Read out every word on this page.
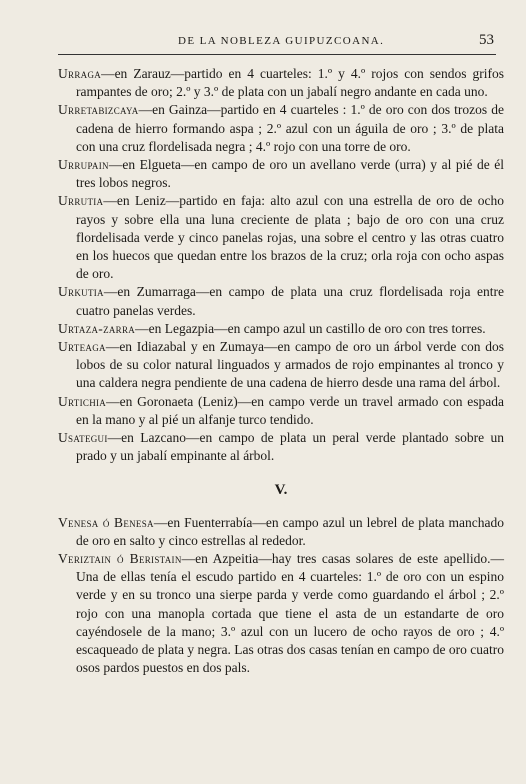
DE LA NOBLEZA GUIPUZCOANA.	53

Urraga—en Zarauz—partido en 4 cuarteles: 1.º y 4.º rojos con sendos grifos rampantes de oro; 2.º y 3.º de plata con un jabalí negro andante en cada uno.

Urretabizcaya—en Gainza—partido en 4 cuarteles : 1.º de oro con dos trozos de cadena de hierro formando aspa ; 2.º azul con un águila de oro ; 3.º de plata con una cruz flordelisada negra ; 4.º rojo con una torre de oro.

Urrupain—en Elgueta—en campo de oro un avellano verde (urra) y al pié de él tres lobos negros.

Urrutia—en Leniz—partido en faja: alto azul con una estrella de oro de ocho rayos y sobre ella una luna creciente de plata ; bajo de oro con una cruz flordelisada verde y cinco panelas rojas, una sobre el centro y las otras cuatro en los huecos que quedan entre los brazos de la cruz; orla roja con ocho aspas de oro.

Urkutia—en Zumarraga—en campo de plata una cruz flordelisada roja entre cuatro panelas verdes.

Urtaza-zarra—en Legazpia—en campo azul un castillo de oro con tres torres.

Urteaga—en Idiazabal y en Zumaya—en campo de oro un árbol verde con dos lobos de su color natural linguados y armados de rojo empinantes al tronco y una caldera negra pendiente de una cadena de hierro desde una rama del árbol.

Urtichia—en Goronaeta (Leniz)—en campo verde un travel armado con espada en la mano y al pié un alfanje turco tendido.

Usategui—en Lazcano—en campo de plata un peral verde plantado sobre un prado y un jabalí empinante al árbol.

V.

Venesa ó Benesa—en Fuenterrabía—en campo azul un lebrel de plata manchado de oro en salto y cinco estrellas al rededor.

Veriztain ó Beristain—en Azpeitia—hay tres casas solares de este apellido.—Una de ellas tenía el escudo partido en 4 cuarteles: 1.º de oro con un espino verde y en su tronco una sierpe parda y verde como guardando el árbol ; 2.º rojo con una manopla cortada que tiene el asta de un estandarte de oro cayéndosele de la mano; 3.º azul con un lucero de ocho rayos de oro ; 4.º escaqueado de plata y negra. Las otras dos casas tenían en campo de oro cuatro osos pardos puestos en dos pals.
